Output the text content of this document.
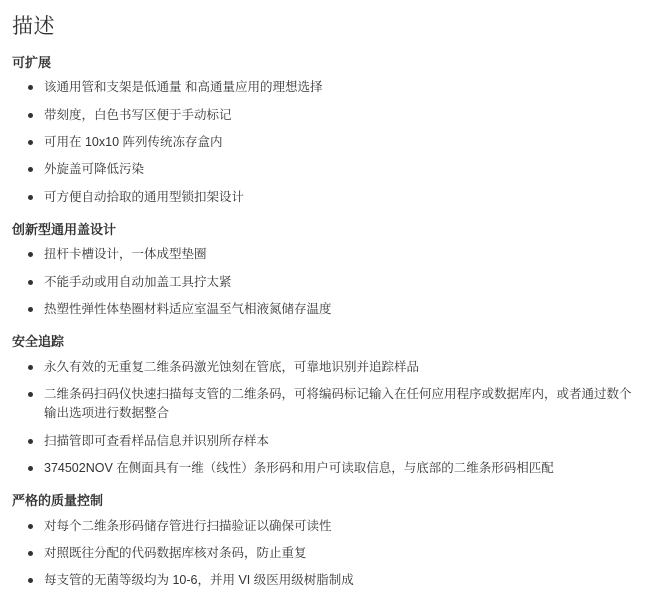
描述
可扩展
该通用管和支架是低通量 和高通量应用的理想选择
带刻度，白色书写区便于手动标记
可用在 10x10 阵列传统冻存盒内
外旋盖可降低污染
可方便自动拾取的通用型锁扣架设计
创新型通用盖设计
扭杆卡槽设计，一体成型垫圈
不能手动或用自动加盖工具拧太紧
热塑性弹性体垫圈材料适应室温至气相液氮储存温度
安全追踪
永久有效的无重复二维条码激光蚀刻在管底，可靠地识别并追踪样品
二维条码扫码仪快速扫描每支管的二维条码，可将编码标记输入在任何应用程序或数据库内，或者通过数个输出选项进行数据整合
扫描管即可查看样品信息并识别所存样本
374502NOV 在侧面具有一维（线性）条形码和用户可读取信息，与底部的二维条形码相匹配
严格的质量控制
对每个二维条形码储存管进行扫描验证以确保可读性
对照既往分配的代码数据库核对条码，防止重复
每支管的无菌等级均为 10-6，并用 VI 级医用级树脂制成
